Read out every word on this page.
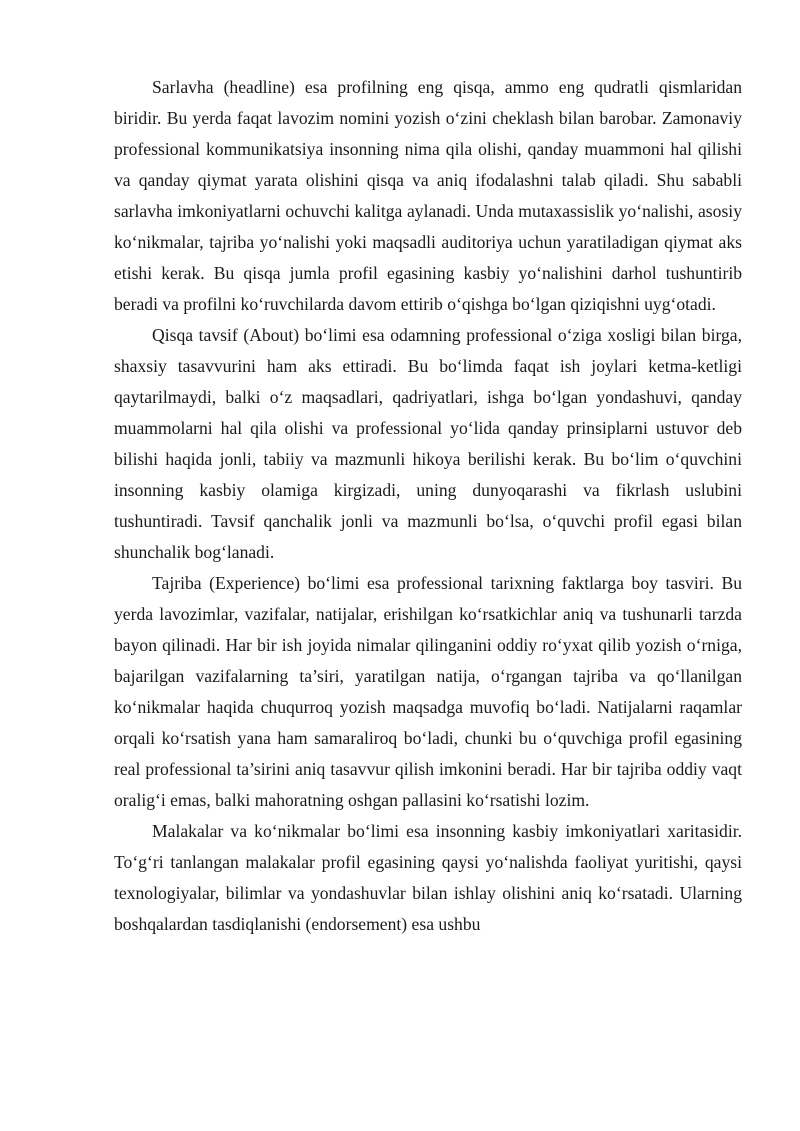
Sarlavha (headline) esa profilning eng qisqa, ammo eng qudratli qismlaridan biridir. Bu yerda faqat lavozim nomini yozish o‘zini cheklash bilan barobar. Zamonaviy professional kommunikatsiya insonning nima qila olishi, qanday muammoni hal qilishi va qanday qiymat yarata olishini qisqa va aniq ifodalashni talab qiladi. Shu sababli sarlavha imkoniyatlarni ochuvchi kalitga aylanadi. Unda mutaxassislik yo‘nalishi, asosiy ko‘nikmalar, tajriba yo‘nalishi yoki maqsadli auditoriya uchun yaratiladigan qiymat aks etishi kerak. Bu qisqa jumla profil egasining kasbiy yo‘nalishini darhol tushuntirib beradi va profilni ko‘ruvchilarda davom ettirib o‘qishga bo‘lgan qiziqishni uyg‘otadi.

Qisqa tavsif (About) bo‘limi esa odamning professional o‘ziga xosligi bilan birga, shaxsiy tasavvurini ham aks ettiradi. Bu bo‘limda faqat ish joylari ketma-ketligi qaytarilmaydi, balki o‘z maqsadlari, qadriyatlari, ishga bo‘lgan yondashuvi, qanday muammolarni hal qila olishi va professional yo‘lida qanday prinsiplarni ustuvor deb bilishi haqida jonli, tabiiy va mazmunli hikoya berilishi kerak. Bu bo‘lim o‘quvchini insonning kasbiy olamiga kirgizadi, uning dunyoqarashi va fikrlash uslubini tushuntiradi. Tavsif qanchalik jonli va mazmunli bo‘lsa, o‘quvchi profil egasi bilan shunchalik bog‘lanadi.

Tajriba (Experience) bo‘limi esa professional tarixning faktlarga boy tasviri. Bu yerda lavozimlar, vazifalar, natijalar, erishilgan ko‘rsatkichlar aniq va tushunarli tarzda bayon qilinadi. Har bir ish joyida nimalar qilinganini oddiy ro‘yxat qilib yozish o‘rniga, bajarilgan vazifalarning ta’siri, yaratilgan natija, o‘rgangan tajriba va qo‘llanilgan ko‘nikmalar haqida chuqurroq yozish maqsadga muvofiq bo‘ladi. Natijalarni raqamlar orqali ko‘rsatish yana ham samaraliroq bo‘ladi, chunki bu o‘quvchiga profil egasining real professional ta’sirini aniq tasavvur qilish imkonini beradi. Har bir tajriba oddiy vaqt oralig‘i emas, balki mahoratning oshgan pallasini ko‘rsatishi lozim.

Malakalar va ko‘nikmalar bo‘limi esa insonning kasbiy imkoniyatlari xaritasidir. To‘g‘ri tanlangan malakalar profil egasining qaysi yo‘nalishda faoliyat yuritishi, qaysi texnologiyalar, bilimlar va yondashuvlar bilan ishlay olishini aniq ko‘rsatadi. Ularning boshqalardan tasdiqlanishi (endorsement) esa ushbu
